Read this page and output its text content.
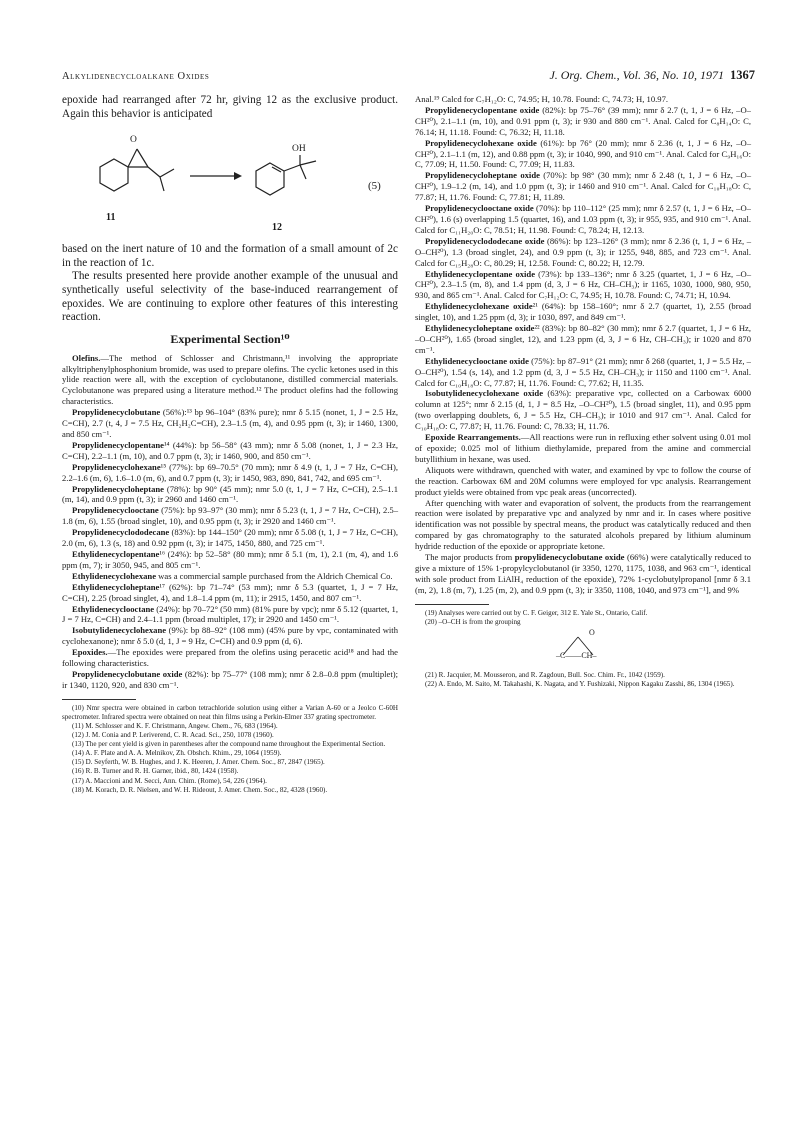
Alkylidenecycloalkane Oxides	J. Org. Chem., Vol. 36, No. 10, 1971 1367

epoxide had rearranged after 72 hr, giving 12 as the exclusive product. Again this behavior is anticipated

O
OH
11
12
(5)

based on the inert nature of 10 and the formation of a small amount of 2c in the reaction of 1c.

The results presented here provide another example of the unusual and synthetically useful selectivity of the base-induced rearrangement of epoxides. We are continuing to explore other features of this interesting reaction.

Experimental Section¹⁰

Olefins.—The method of Schlosser and Christmann,¹¹ involving the appropriate alkyltriphenylphosphonium bromide, was used to prepare olefins. The cyclic ketones used in this ylide reaction were all, with the exception of cyclobutanone, distilled commercial materials. Cyclobutanone was prepared using a literature method.¹² The product olefins had the following characteristics.

Propylidenecyclobutane (56%):¹³ bp 96–104° (83% pure); nmr δ 5.15 (nonet, 1, J = 2.5 Hz, C=CH), 2.7 (t, 4, J = 7.5 Hz, CH₂H₂C=CH), 2.3–1.5 (m, 4), and 0.95 ppm (t, 3); ir 1460, 1300, and 850 cm⁻¹.

Propylidenecyclopentane¹⁴ (44%): bp 56–58° (43 mm); nmr δ 5.08 (nonet, 1, J = 2.3 Hz, C=CH), 2.2–1.1 (m, 10), and 0.7 ppm (t, 3); ir 1460, 900, and 850 cm⁻¹.

Propylidenecyclohexane¹⁵ (77%): bp 69–70.5° (70 mm); nmr δ 4.9 (t, 1, J = 7 Hz, C=CH), 2.2–1.6 (m, 6), 1.6–1.0 (m, 6), and 0.7 ppm (t, 3); ir 1450, 983, 890, 841, 742, and 695 cm⁻¹.

Propylidenecycloheptane (78%): bp 90° (45 mm); nmr 5.0 (t, 1, J = 7 Hz, C=CH), 2.5–1.1 (m, 14), and 0.9 ppm (t, 3); ir 2960 and 1460 cm⁻¹.

Propylidenecyclooctane (75%): bp 93–97° (30 mm); nmr δ 5.23 (t, 1, J = 7 Hz, C=CH), 2.5–1.8 (m, 6), 1.55 (broad singlet, 10), and 0.95 ppm (t, 3); ir 2920 and 1460 cm⁻¹.

Propylidenecyclododecane (83%): bp 144–150° (20 mm); nmr δ 5.08 (t, 1, J = 7 Hz, C=CH), 2.0 (m, 6), 1.3 (s, 18) and 0.92 ppm (t, 3); ir 1475, 1450, 880, and 725 cm⁻¹.

Ethylidenecyclopentane¹⁶ (24%): bp 52–58° (80 mm); nmr δ 5.1 (m, 1), 2.1 (m, 4), and 1.6 ppm (m, 7); ir 3050, 945, and 805 cm⁻¹.

Ethylidenecyclohexane was a commercial sample purchased from the Aldrich Chemical Co.

Ethylidenecycloheptane¹⁷ (62%): bp 71–74° (53 mm); nmr δ 5.3 (quartet, 1, J = 7 Hz, C=CH), 2.25 (broad singlet, 4), and 1.8–1.4 ppm (m, 11); ir 2915, 1450, and 807 cm⁻¹.

Ethylidenecyclooctane (24%): bp 70–72° (50 mm) (81% pure by vpc); nmr δ 5.12 (quartet, 1, J = 7 Hz, C=CH) and 2.4–1.1 ppm (broad multiplet, 17); ir 2920 and 1450 cm⁻¹.

Isobutylidenecyclohexane (9%): bp 88–92° (108 mm) (45% pure by vpc, contaminated with cyclohexanone); nmr δ 5.0 (d, 1, J = 9 Hz, C=CH) and 0.9 ppm (d, 6).

Epoxides.—The epoxides were prepared from the olefins using peracetic acid¹⁸ and had the following characteristics.

Propylidenecyclobutane oxide (82%): bp 75–77° (108 mm); nmr δ 2.8–0.8 ppm (multiplet); ir 1340, 1120, 920, and 830 cm⁻¹.

(10) Nmr spectra were obtained in carbon tetrachloride solution using either a Varian A-60 or a Jeolco C-60H spectrometer. Infrared spectra were obtained on neat thin films using a Perkin-Elmer 337 grating spectrometer.

(11) M. Schlosser and K. F. Christmann, Angew. Chem., 76, 683 (1964).

(12) J. M. Conia and P. Leriverend, C. R. Acad. Sci., 250, 1078 (1960).

(13) The per cent yield is given in parentheses after the compound name throughout the Experimental Section.

(14) A. F. Plate and A. A. Melnikov, Zh. Obshch. Khim., 29, 1064 (1959).

(15) D. Seyferth, W. B. Hughes, and J. K. Heeren, J. Amer. Chem. Soc., 87, 2847 (1965).

(16) R. B. Turner and R. H. Garner, ibid., 80, 1424 (1958).

(17) A. Maccioni and M. Secci, Ann. Chim. (Rome), 54, 226 (1964).

(18) M. Korach, D. R. Nielsen, and W. H. Rideout, J. Amer. Chem. Soc., 82, 4328 (1960).

Anal.¹⁹ Calcd for C₇H₁₂O: C, 74.95; H, 10.78. Found: C, 74.73; H, 10.97.

Propylidenecyclopentane oxide (82%): bp 75–76° (39 mm); nmr δ 2.7 (t, 1, J = 6 Hz, –O–CH²⁰), 2.1–1.1 (m, 10), and 0.91 ppm (t, 3); ir 930 and 880 cm⁻¹. Anal. Calcd for C₈H₁₄O: C, 76.14; H, 11.18. Found: C, 76.32; H, 11.18.

Propylidenecyclohexane oxide (61%): bp 76° (20 mm); nmr δ 2.36 (t, 1, J = 6 Hz, –O–CH²⁰), 2.1–1.1 (m, 12), and 0.88 ppm (t, 3); ir 1040, 990, and 910 cm⁻¹. Anal. Calcd for C₉H₁₆O: C, 77.09; H, 11.50. Found: C, 77.09; H, 11.83.

Propylidenecycloheptane oxide (70%): bp 98° (30 mm); nmr δ 2.48 (t, 1, J = 6 Hz, –O–CH²⁰), 1.9–1.2 (m, 14), and 1.0 ppm (t, 3); ir 1460 and 910 cm⁻¹. Anal. Calcd for C₁₀H₁₈O: C, 77.87; H, 11.76. Found: C, 77.81; H, 11.89.

Propylidenecyclooctane oxide (70%): bp 110–112° (25 mm); nmr δ 2.57 (t, 1, J = 6 Hz, –O–CH²⁰), 1.6 (s) overlapping 1.5 (quartet, 16), and 1.03 ppm (t, 3); ir 955, 935, and 910 cm⁻¹. Anal. Calcd for C₁₁H₂₀O: C, 78.51; H, 11.98. Found: C, 78.24; H, 12.13.

Propylidenecyclododecane oxide (86%): bp 123–126° (3 mm); nmr δ 2.36 (t, 1, J = 6 Hz, –O–CH²⁰), 1.3 (broad singlet, 24), and 0.9 ppm (t, 3); ir 1255, 948, 885, and 723 cm⁻¹. Anal. Calcd for C₁₅H₂₈O: C, 80.29; H, 12.58. Found: C, 80.22; H, 12.79.

Ethylidenecyclopentane oxide (73%): bp 133–136°; nmr δ 3.25 (quartet, 1, J = 6 Hz, –O–CH²⁰), 2.3–1.5 (m, 8), and 1.4 ppm (d, 3, J = 6 Hz, CH–CH₃); ir 1165, 1030, 1000, 980, 950, 930, and 865 cm⁻¹. Anal. Calcd for C₇H₁₂O: C, 74.95; H, 10.78. Found: C, 74.71; H, 10.94.

Ethylidenecyclohexane oxide²¹ (64%): bp 158–160°; nmr δ 2.7 (quartet, 1), 2.55 (broad singlet, 10), and 1.25 ppm (d, 3); ir 1030, 897, and 849 cm⁻¹.

Ethylidenecycloheptane oxide²² (83%): bp 80–82° (30 mm); nmr δ 2.7 (quartet, 1, J = 6 Hz, –O–CH²⁰), 1.65 (broad singlet, 12), and 1.23 ppm (d, 3, J = 6 Hz, CH–CH₃); ir 1020 and 870 cm⁻¹.

Ethylidenecyclooctane oxide (75%): bp 87–91° (21 mm); nmr δ 268 (quartet, 1, J = 5.5 Hz, –O–CH²⁰), 1.54 (s, 14), and 1.2 ppm (d, 3, J = 5.5 Hz, CH–CH₃); ir 1150 and 1100 cm⁻¹. Anal. Calcd for C₁₀H₁₈O: C, 77.87; H, 11.76. Found: C, 77.62; H, 11.35.

Isobutylidenecyclohexane oxide (63%): preparative vpc, collected on a Carbowax 6000 column at 125°; nmr δ 2.15 (d, 1, J = 8.5 Hz, –O–CH²⁰), 1.5 (broad singlet, 11), and 0.95 ppm (two overlapping doublets, 6, J = 5.5 Hz, CH–CH₃); ir 1010 and 917 cm⁻¹. Anal. Calcd for C₁₀H₁₈O: C, 77.87; H, 11.76. Found: C, 78.33; H, 11.76.

Epoxide Rearrangements.—All reactions were run in refluxing ether solvent using 0.01 mol of epoxide; 0.025 mol of lithium diethylamide, prepared from the amine and commercial butyllithium in hexane, was used.

Aliquots were withdrawn, quenched with water, and examined by vpc to follow the course of the reaction. Carbowax 6M and 20M columns were employed for vpc analysis. Rearrangement product yields were obtained from vpc peak areas (uncorrected).

After quenching with water and evaporation of solvent, the products from the rearrangement reaction were isolated by preparative vpc and analyzed by nmr and ir. In cases where positive identification was not possible by spectral means, the product was catalytically reduced and then compared by gas chromatography to the saturated alcohols prepared by lithium aluminum hydride reduction of the epoxide or appropriate ketone.

The major products from propylidenecyclobutane oxide (66%) were catalytically reduced to give a mixture of 15% 1-propylcyclobutanol (ir 3350, 1270, 1175, 1038, and 963 cm⁻¹, identical with sole product from LiAlH₄ reduction of the epoxide), 72% 1-cyclobutylpropanol [nmr δ 3.1 (m, 2), 1.8 (m, 7), 1.25 (m, 2), and 0.9 ppm (t, 3); ir 3350, 1108, 1040, and 973 cm⁻¹], and 9%

(19) Analyses were carried out by C. F. Geiger, 312 E. Yale St., Ontario, Calif.

(20) –O–CH is from the grouping

O
–C——CH–

(21) R. Jacquier, M. Mousseron, and R. Zagdoun, Bull. Soc. Chim. Fr., 1042 (1959).

(22) A. Endo, M. Saito, M. Takahashi, K. Nagata, and Y. Fushizaki, Nippon Kagaku Zasshi, 86, 1304 (1965).
